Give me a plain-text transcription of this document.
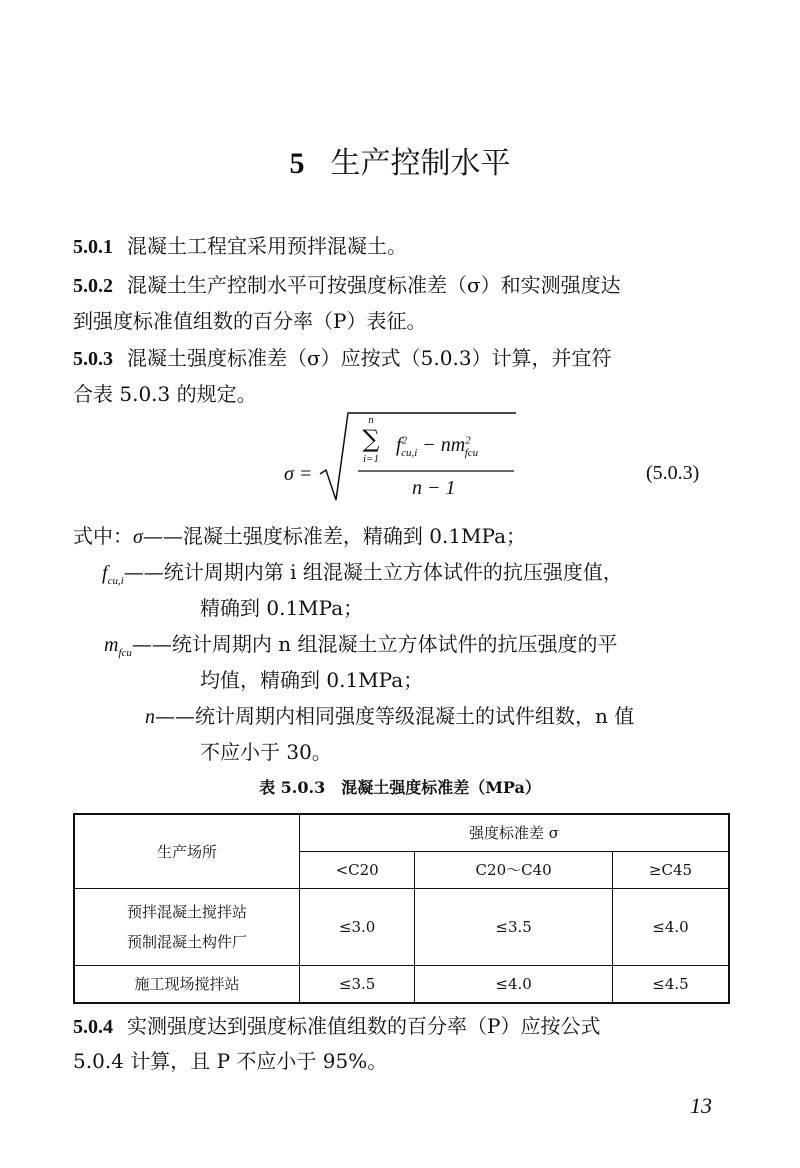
5 生产控制水平
5.0.1 混凝土工程宜采用预拌混凝土。
5.0.2 混凝土生产控制水平可按强度标准差（σ）和实测强度达
到强度标准值组数的百分率（P）表征。
5.0.3 混凝土强度标准差（σ）应按式（5.0.3）计算，并宜符
合表 5.0.3 的规定。
σ =
n
∑
i=1
$f^2_{cu,i} - nm^2_{fcu}$
n − 1
(5.0.3)
式中：σ——混凝土强度标准差，精确到 0.1MPa；
$f_{cu,i}——$统计周期内第 i 组混凝土立方体试件的抗压强度值，
精确到 0.1MPa；
$m_{fcu}——$统计周期内 n 组混凝土立方体试件的抗压强度的平
均值，精确到 0.1MPa；
n——统计周期内相同强度等级混凝土的试件组数，n 值
不应小于 30。
表 5.0.3　混凝土强度标准差（MPa）
生产场所	强度标准差 σ		
	<C20	C20～C40	≥C45
预拌混凝土搅拌站
预制混凝土构件厂	≤3.0	≤3.5	≤4.0
施工现场搅拌站	≤3.5	≤4.0	≤4.5
5.0.4 实测强度达到强度标准值组数的百分率（P）应按公式
5.0.4 计算，且 P 不应小于 95%。
13
